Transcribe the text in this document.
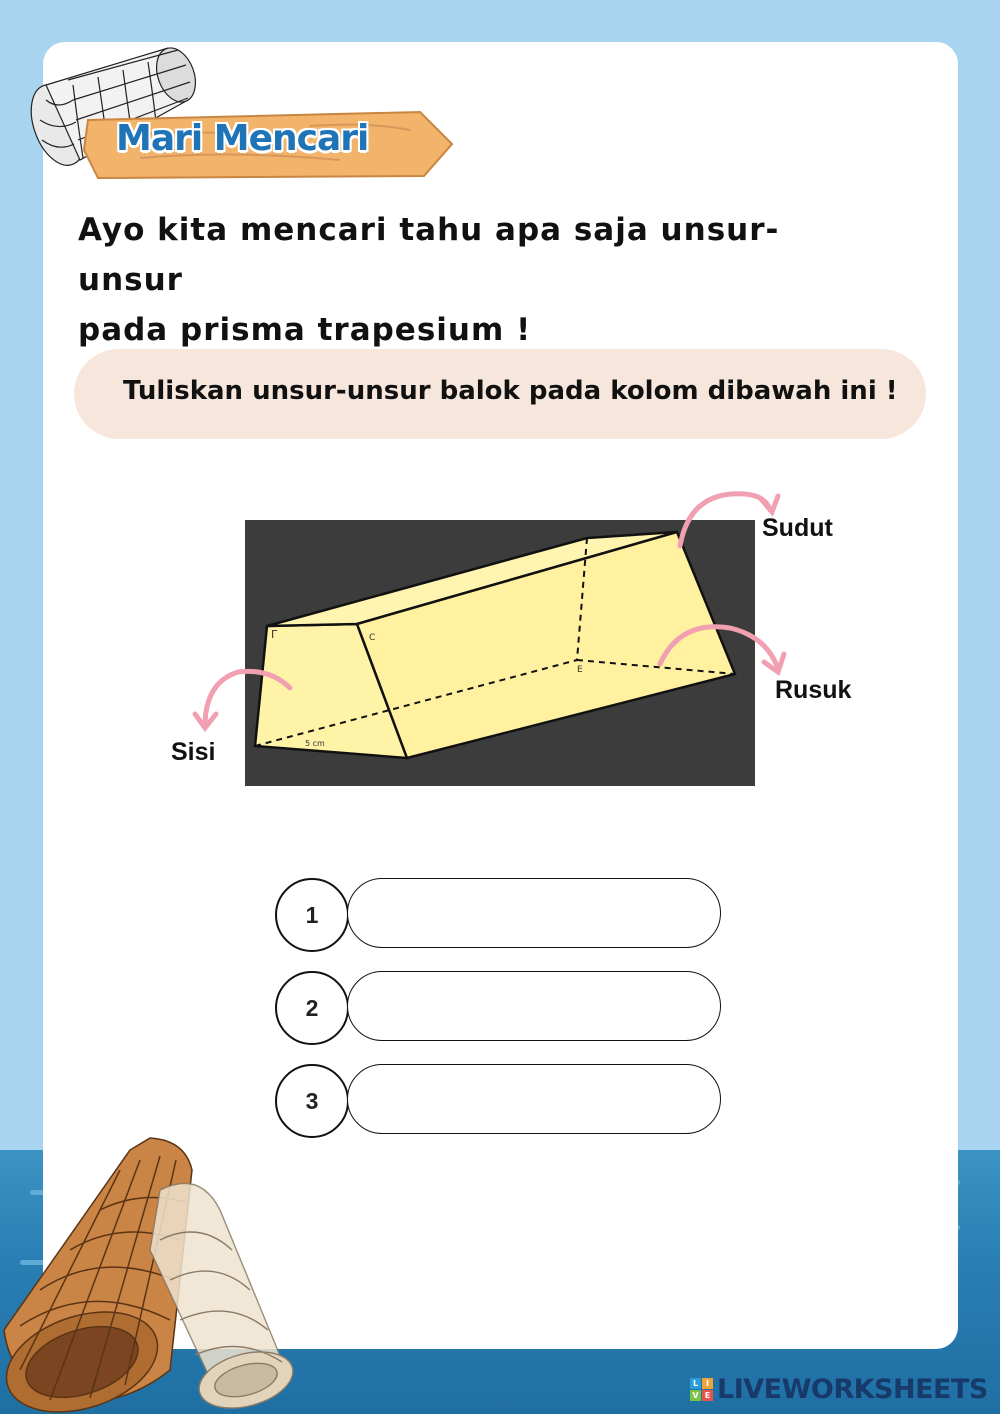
Mari Mencari
Ayo kita mencari tahu apa saja unsur-unsur
pada prisma trapesium !
Tuliskan unsur-unsur balok pada kolom dibawah ini !
Γ	C
E
5 cm
Sudut
Rusuk
Sisi
1
2
3
L I
V E LIVEWORKSHEETS
